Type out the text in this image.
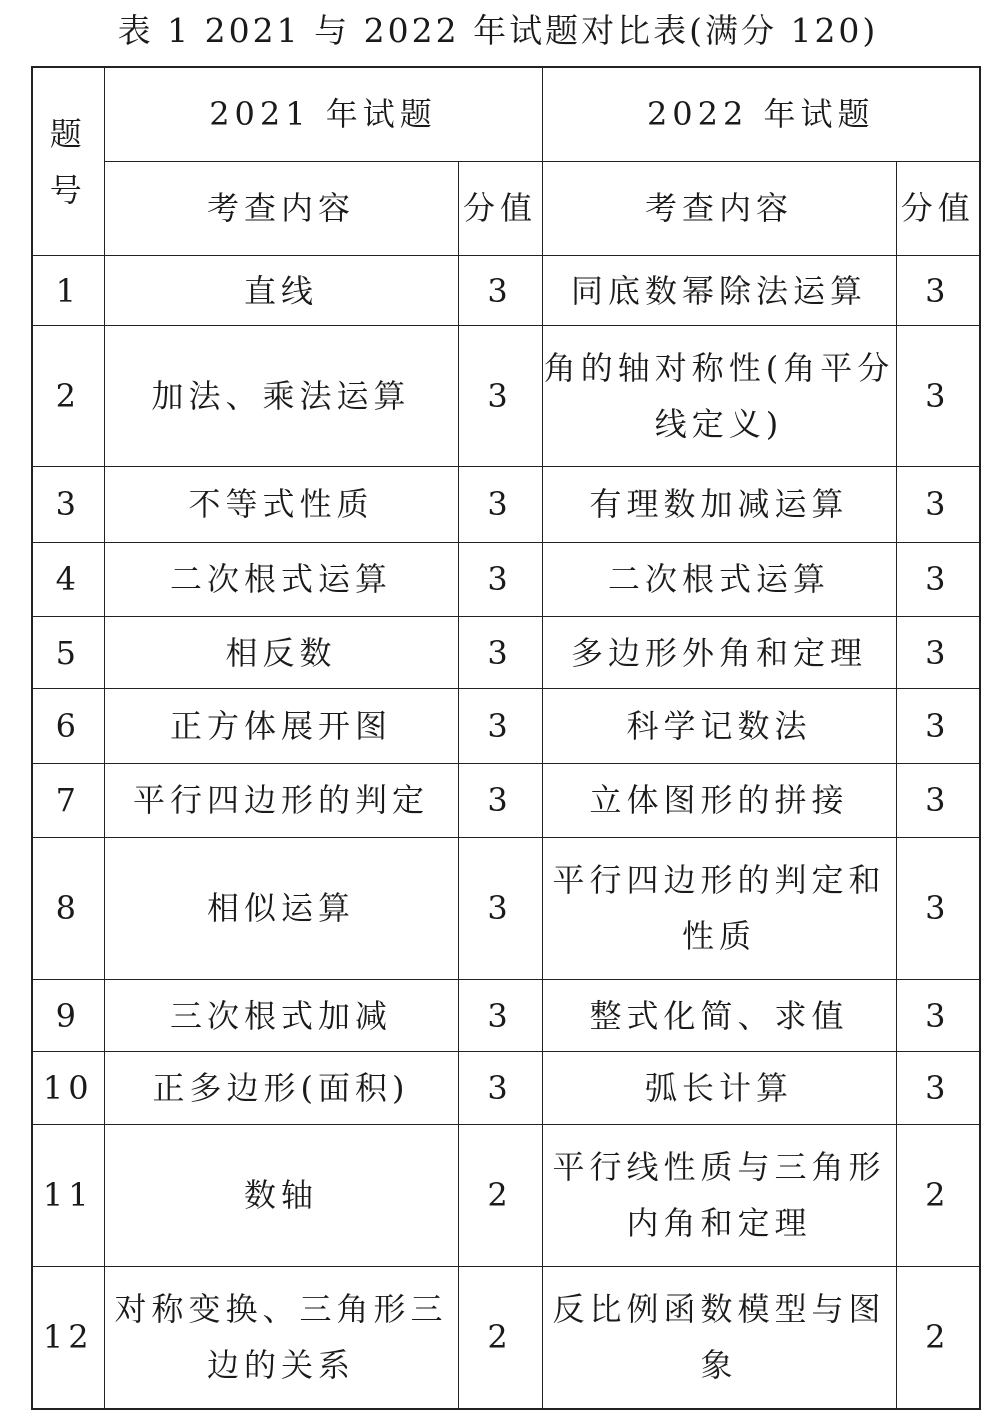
表 1 2021 与 2022 年试题对比表(满分 120)
题
号	2021 年试题		2022 年试题	
	考查内容	分值	考查内容	分值
1	直线	3	同底数幂除法运算	3
2	加法、乘法运算	3	角的轴对称性(角平分线定义)	3
3	不等式性质	3	有理数加减运算	3
4	二次根式运算	3	二次根式运算	3
5	相反数	3	多边形外角和定理	3
6	正方体展开图	3	科学记数法	3
7	平行四边形的判定	3	立体图形的拼接	3
8	相似运算	3	平行四边形的判定和性质	3
9	三次根式加减	3	整式化简、求值	3
10	正多边形(面积)	3	弧长计算	3
11	数轴	2	平行线性质与三角形内角和定理	2
12	对称变换、三角形三边的关系	2	反比例函数模型与图象	2
